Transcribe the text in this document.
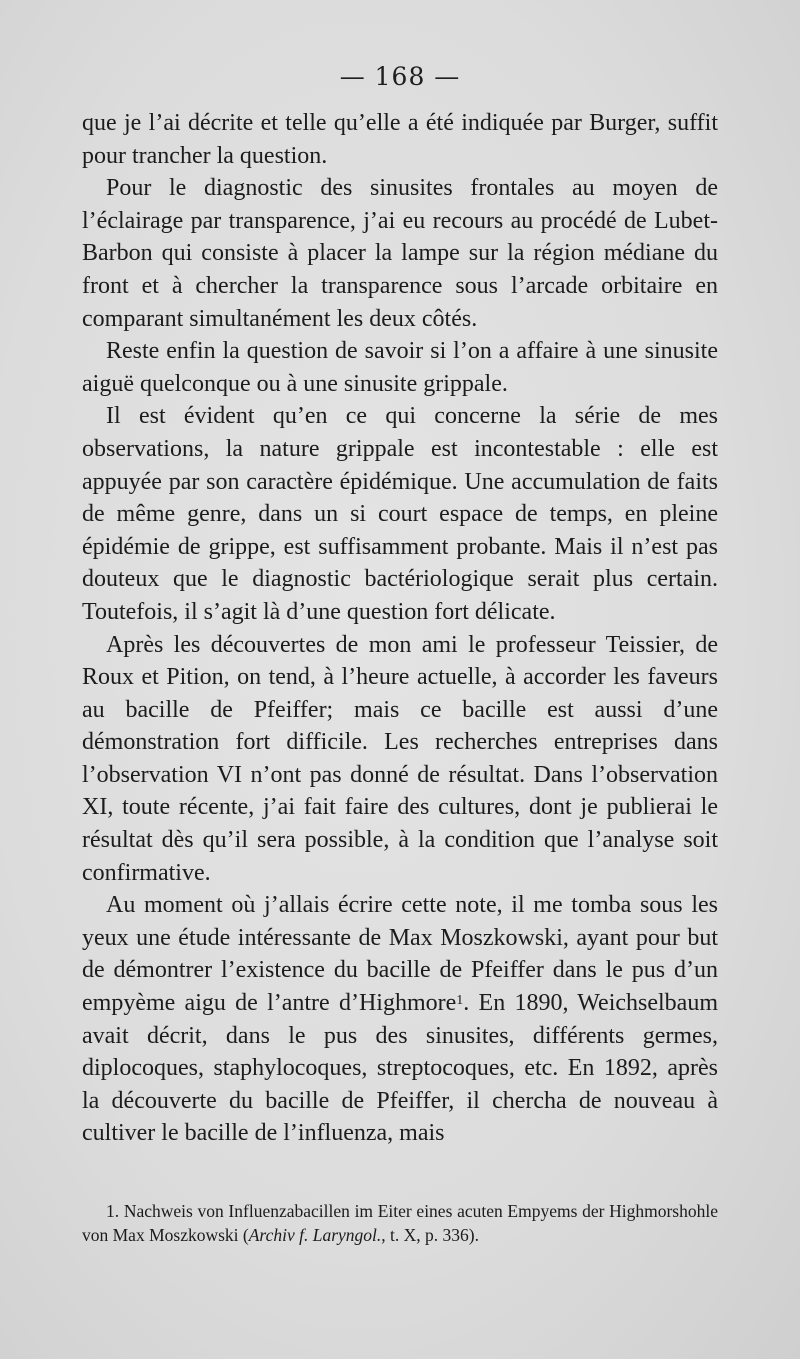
— 168 —

que je l’ai décrite et telle qu’elle a été indiquée par Burger, suffit pour trancher la question.

Pour le diagnostic des sinusites frontales au moyen de l’éclairage par transparence, j’ai eu recours au procédé de Lubet-Barbon qui consiste à placer la lampe sur la région médiane du front et à chercher la transparence sous l’arcade orbitaire en comparant simultanément les deux côtés.

Reste enfin la question de savoir si l’on a affaire à une sinusite aiguë quelconque ou à une sinusite grippale.

Il est évident qu’en ce qui concerne la série de mes observations, la nature grippale est incontestable : elle est appuyée par son caractère épidémique. Une accumulation de faits de même genre, dans un si court espace de temps, en pleine épidémie de grippe, est suffisamment probante. Mais il n’est pas douteux que le diagnostic bactériologique serait plus certain. Toutefois, il s’agit là d’une question fort délicate.

Après les découvertes de mon ami le professeur Teissier, de Roux et Pition, on tend, à l’heure actuelle, à accorder les faveurs au bacille de Pfeiffer; mais ce bacille est aussi d’une démonstration fort difficile. Les recherches entreprises dans l’observation VI n’ont pas donné de résultat. Dans l’observation XI, toute récente, j’ai fait faire des cultures, dont je publierai le résultat dès qu’il sera possible, à la condition que l’analyse soit confirmative.

Au moment où j’allais écrire cette note, il me tomba sous les yeux une étude intéressante de Max Moszkowski, ayant pour but de démontrer l’existence du bacille de Pfeiffer dans le pus d’un empyème aigu de l’antre d’Highmore$^1$. En 1890, Weichselbaum avait décrit, dans le pus des sinusites, différents germes, diplocoques, staphylocoques, streptocoques, etc. En 1892, après la découverte du bacille de Pfeiffer, il chercha de nouveau à cultiver le bacille de l’influenza, mais

1. Nachweis von Influenzabacillen im Eiter eines acuten Empyems der Highmorshohle von Max Moszkowski (Archiv f. Laryngol., t. X, p. 336).
